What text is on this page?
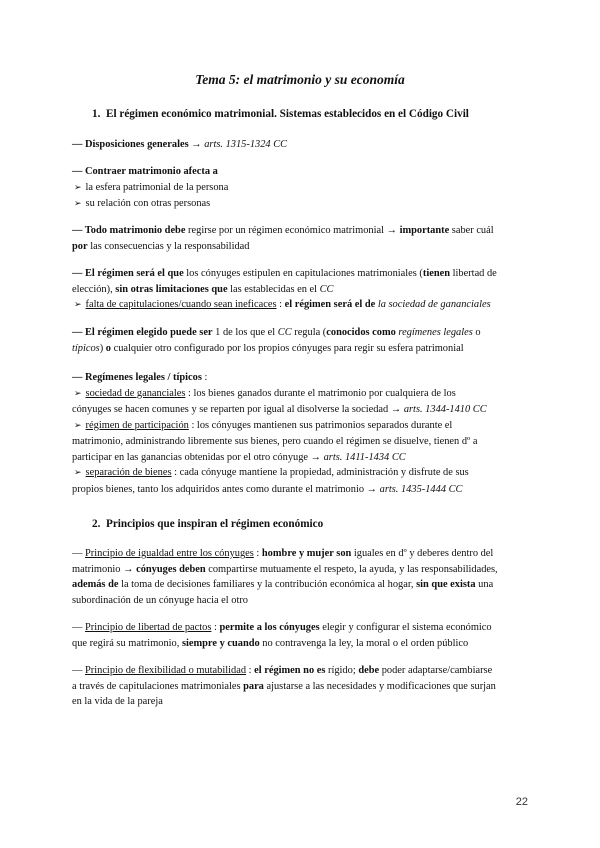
Tema 5: el matrimonio y su economía
1. El régimen económico matrimonial. Sistemas establecidos en el Código Civil
— Disposiciones generales → arts. 1315-1324 CC
— Contraer matrimonio afecta a
➢ la esfera patrimonial de la persona
➢ su relación con otras personas
— Todo matrimonio debe regirse por un régimen económico matrimonial → importante saber cuál
por las consecuencias y la responsabilidad
— El régimen será el que los cónyuges estipulen en capitulaciones matrimoniales (tienen libertad de
elección), sin otras limitaciones que las establecidas en el CC
➢ falta de capitulaciones/cuando sean ineficaces : el régimen será el de la sociedad de gananciales
— El régimen elegido puede ser 1 de los que el CC regula (conocidos como regímenes legales o
típicos) o cualquier otro configurado por los propios cónyuges para regir su esfera patrimonial
— Regímenes legales / típicos :
➢ sociedad de gananciales : los bienes ganados durante el matrimonio por cualquiera de los
cónyuges se hacen comunes y se reparten por igual al disolverse la sociedad → arts. 1344-1410 CC
➢ régimen de participación : los cónyuges mantienen sus patrimonios separados durante el
matrimonio, administrando libremente sus bienes, pero cuando el régimen se disuelve, tienen dº a
participar en las ganancias obtenidas por el otro cónyuge → arts. 1411-1434 CC
➢ separación de bienes : cada cónyuge mantiene la propiedad, administración y disfrute de sus
propios bienes, tanto los adquiridos antes como durante el matrimonio → arts. 1435-1444 CC
2. Principios que inspiran el régimen económico
— Principio de igualdad entre los cónyuges : hombre y mujer son iguales en dº y deberes dentro del
matrimonio → cónyuges deben compartirse mutuamente el respeto, la ayuda, y las responsabilidades,
además de la toma de decisiones familiares y la contribución económica al hogar, sin que exista una
subordinación de un cónyuge hacia el otro
— Principio de libertad de pactos : permite a los cónyuges elegir y configurar el sistema económico
que regirá su matrimonio, siempre y cuando no contravenga la ley, la moral o el orden público
— Principio de flexibilidad o mutabilidad : el régimen no es rígido; debe poder adaptarse/cambiarse
a través de capitulaciones matrimoniales para ajustarse a las necesidades y modificaciones que surjan
en la vida de la pareja
22
